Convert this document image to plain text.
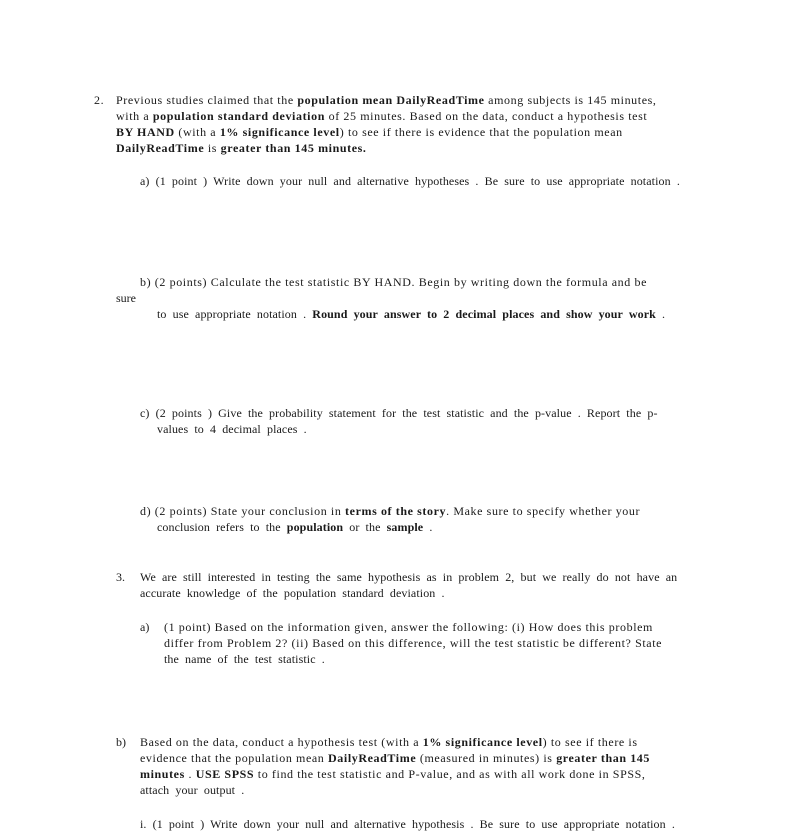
2. Previous studies claimed that the population mean DailyReadTime among subjects is 145 minutes,
with a population standard deviation of 25 minutes. Based on the data, conduct a hypothesis test
BY HAND (with a 1% significance level) to see if there is evidence that the population mean
DailyReadTime is greater than 145 minutes.
a) (1 point ) Write down your null and alternative hypotheses . Be sure to use appropriate notation .
b) (2 points) Calculate the test statistic BY HAND. Begin by writing down the formula and be
sure
to use appropriate notation . Round your answer to 2 decimal places and show your work .
c) (2 points ) Give the probability statement for the test statistic and the p-value . Report the p-
values to 4 decimal places .
d) (2 points) State your conclusion in terms of the story. Make sure to specify whether your
conclusion refers to the population or the sample .
3. We are still interested in testing the same hypothesis as in problem 2, but we really do not have an
accurate knowledge of the population standard deviation .
a) (1 point) Based on the information given, answer the following: (i) How does this problem
differ from Problem 2? (ii) Based on this difference, will the test statistic be different? State
the name of the test statistic .
b) Based on the data, conduct a hypothesis test (with a 1% significance level) to see if there is
evidence that the population mean DailyReadTime (measured in minutes) is greater than 145
minutes . USE SPSS to find the test statistic and P-value, and as with all work done in SPSS,
attach your output .
i. (1 point ) Write down your null and alternative hypothesis . Be sure to use appropriate notation .
